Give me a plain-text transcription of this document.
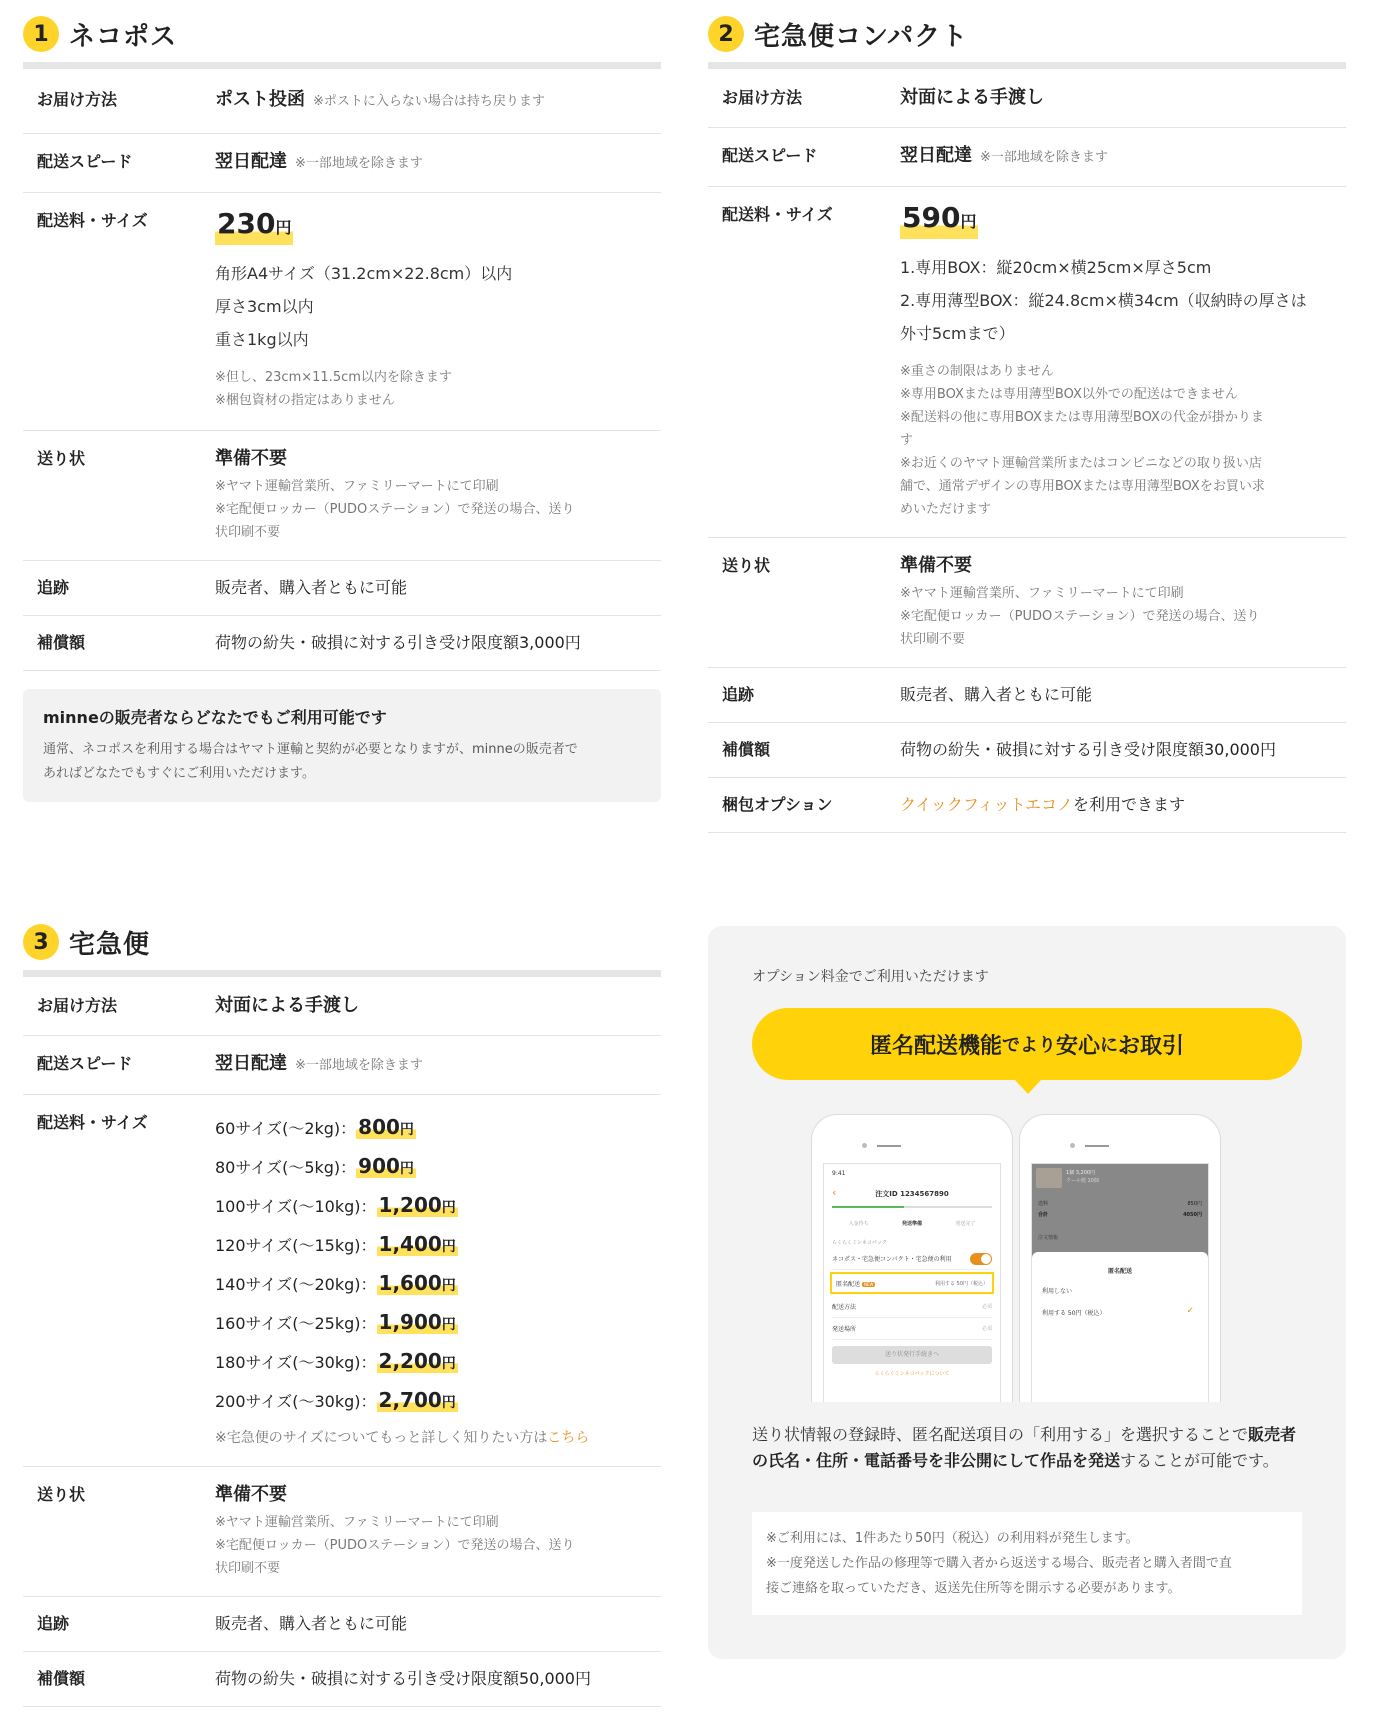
1 ネコポス
お届け方法	ポスト投函 ※ポストに入らない場合は持ち戻ります
配送スピード	翌日配達 ※一部地域を除きます
配送料・サイズ	230円
角形A4サイズ（31.2cm×22.8cm）以内
厚さ3cm以内
重さ1kg以内
※但し、23cm×11.5cm以内を除きます
※梱包資材の指定はありません
送り状	準備不要
※ヤマト運輸営業所、ファミリーマートにて印刷
※宅配便ロッカー（PUDOステーション）で発送の場合、送り
状印刷不要
追跡	販売者、購入者ともに可能
補償額	荷物の紛失・破損に対する引き受け限度額3,000円
minneの販売者ならどなたでもご利用可能です
通常、ネコポスを利用する場合はヤマト運輸と契約が必要となりますが、minneの販売者で
あればどなたでもすぐにご利用いただけます。
2 宅急便コンパクト
お届け方法	対面による手渡し
配送スピード	翌日配達 ※一部地域を除きます
配送料・サイズ	590円
1.専用BOX：縦20cm×横25cm×厚さ5cm
2.専用薄型BOX：縦24.8cm×横34cm（収納時の厚さは
外寸5cmまで）
※重さの制限はありません
※専用BOXまたは専用薄型BOX以外での配送はできません
※配送料の他に専用BOXまたは専用薄型BOXの代金が掛かりま
す
※お近くのヤマト運輸営業所またはコンビニなどの取り扱い店
舗で、通常デザインの専用BOXまたは専用薄型BOXをお買い求
めいただけます
送り状	準備不要
※ヤマト運輸営業所、ファミリーマートにて印刷
※宅配便ロッカー（PUDOステーション）で発送の場合、送り
状印刷不要
追跡	販売者、購入者ともに可能
補償額	荷物の紛失・破損に対する引き受け限度額30,000円
梱包オプション	クイックフィットエコノを利用できます
3 宅急便
お届け方法	対面による手渡し
配送スピード	翌日配達 ※一部地域を除きます
配送料・サイズ	60サイズ(〜2kg)： 800円
80サイズ(〜5kg)： 900円
100サイズ(〜10kg)： 1,200円
120サイズ(〜15kg)： 1,400円
140サイズ(〜20kg)： 1,600円
160サイズ(〜25kg)： 1,900円
180サイズ(〜30kg)： 2,200円
200サイズ(〜30kg)： 2,700円
※宅急便のサイズについてもっと詳しく知りたい方はこちら
送り状	準備不要
※ヤマト運輸営業所、ファミリーマートにて印刷
※宅配便ロッカー（PUDOステーション）で発送の場合、送り
状印刷不要
追跡	販売者、購入者ともに可能
補償額	荷物の紛失・破損に対する引き受け限度額50,000円
オプション料金でご利用いただけます
匿名配送機能 でより 安心 に お取引
9:41
‹	注文ID 1234567890
入金待ち	発送準備	発送完了
らくらくミンネコパック
ネコポス・宅急便コンパクト・宅急便の利用
匿名配送 NEW	利用する 50円（税込）
配送方法	必須
発送場所	必須
送り状発行手続きへ
らくらくミンネコパックについて
1個 3,200円
クール便 10個
送料	850円
合計	4050円
注文情報
匿名配送
利用しない
利用する 50円（税込）	✓
送り状情報の登録時、匿名配送項目の「利用する」を選択することで販売者の氏名・住所・電話番号を非公開にして作品を発送することが可能です。
※ご利用には、1件あたり50円（税込）の利用料が発生します。
※一度発送した作品の修理等で購入者から返送する場合、販売者と購入者間で直
接ご連絡を取っていただき、返送先住所等を開示する必要があります。
